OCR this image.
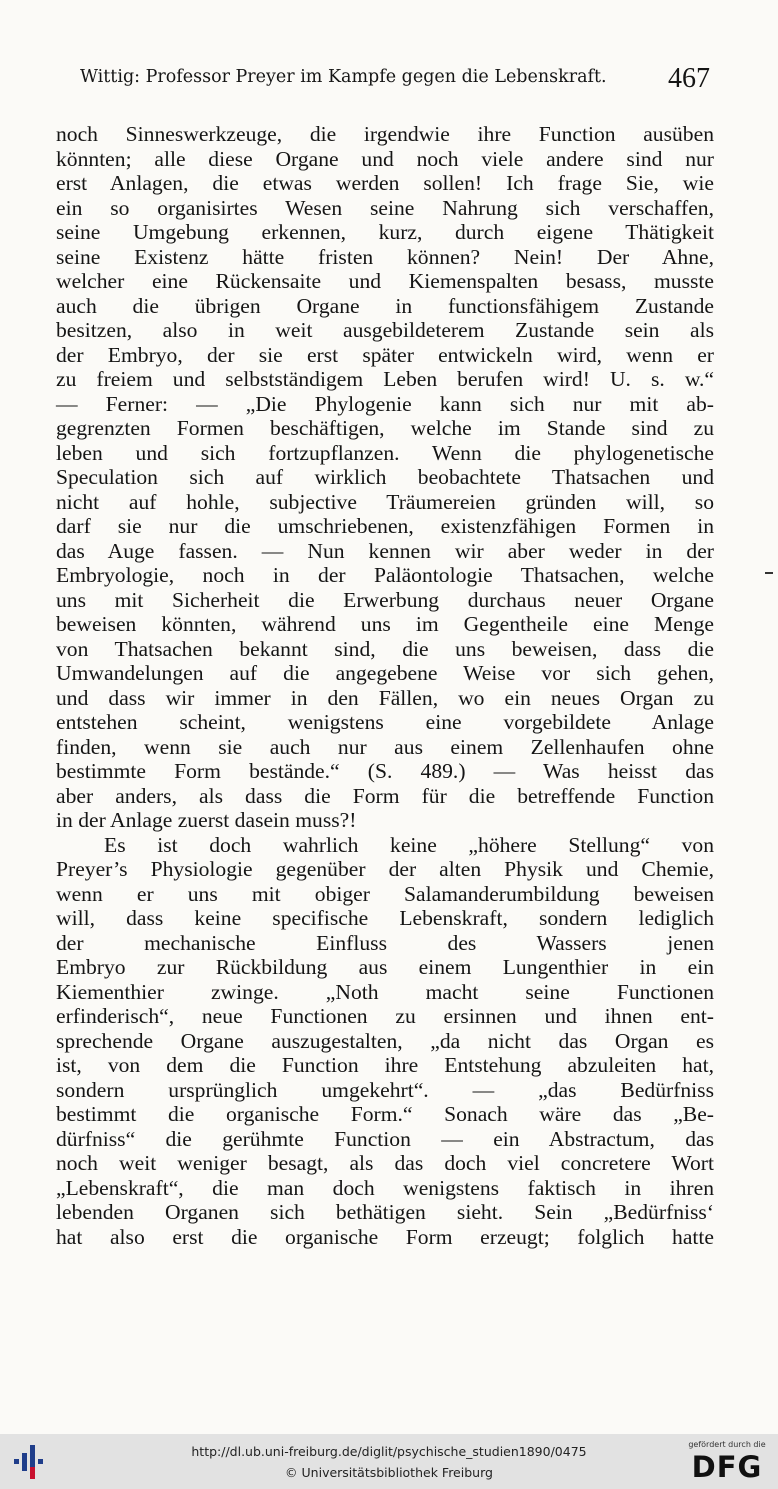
Wittig: Professor Preyer im Kampfe gegen die Lebenskraft.	467
noch Sinneswerkzeuge, die irgendwie ihre Function ausüben
könnten; alle diese Organe und noch viele andere sind nur
erst Anlagen, die etwas werden sollen! Ich frage Sie, wie
ein so organisirtes Wesen seine Nahrung sich verschaffen,
seine Umgebung erkennen, kurz, durch eigene Thätigkeit
seine Existenz hätte fristen können? Nein! Der Ahne,
welcher eine Rückensaite und Kiemenspalten besass, musste
auch die übrigen Organe in functionsfähigem Zustande
besitzen, also in weit ausgebildeterem Zustande sein als
der Embryo, der sie erst später entwickeln wird, wenn er
zu freiem und selbstständigem Leben berufen wird! U. s. w.“
— Ferner: — „Die Phylogenie kann sich nur mit ab-
gegrenzten Formen beschäftigen, welche im Stande sind zu
leben und sich fortzupflanzen. Wenn die phylogenetische
Speculation sich auf wirklich beobachtete Thatsachen und
nicht auf hohle, subjective Träumereien gründen will, so
darf sie nur die umschriebenen, existenzfähigen Formen in
das Auge fassen. — Nun kennen wir aber weder in der
Embryologie, noch in der Paläontologie Thatsachen, welche
uns mit Sicherheit die Erwerbung durchaus neuer Organe
beweisen könnten, während uns im Gegentheile eine Menge
von Thatsachen bekannt sind, die uns beweisen, dass die
Umwandelungen auf die angegebene Weise vor sich gehen,
und dass wir immer in den Fällen, wo ein neues Organ zu
entstehen scheint, wenigstens eine vorgebildete Anlage
finden, wenn sie auch nur aus einem Zellenhaufen ohne
bestimmte Form bestände.“ (S. 489.) — Was heisst das
aber anders, als dass die Form für die betreffende Function
in der Anlage zuerst dasein muss?!
Es ist doch wahrlich keine „höhere Stellung“ von
Preyer’s Physiologie gegenüber der alten Physik und Chemie,
wenn er uns mit obiger Salamanderumbildung beweisen
will, dass keine specifische Lebenskraft, sondern lediglich
der mechanische Einfluss des Wassers jenen
Embryo zur Rückbildung aus einem Lungenthier in ein
Kiementhier zwinge. „Noth macht seine Functionen
erfinderisch“, neue Functionen zu ersinnen und ihnen ent-
sprechende Organe auszugestalten, „da nicht das Organ es
ist, von dem die Function ihre Entstehung abzuleiten hat,
sondern ursprünglich umgekehrt“. — „das Bedürfniss
bestimmt die organische Form.“ Sonach wäre das „Be-
dürfniss“ die gerühmte Function — ein Abstractum, das
noch weit weniger besagt, als das doch viel concretere Wort
„Lebenskraft“, die man doch wenigstens faktisch in ihren
lebenden Organen sich bethätigen sieht. Sein „Bedürfniss‘
hat also erst die organische Form erzeugt; folglich hatte
http://dl.ub.uni-freiburg.de/diglit/psychische_studien1890/0475
© Universitätsbibliothek Freiburg
gefördert durch die
DFG
